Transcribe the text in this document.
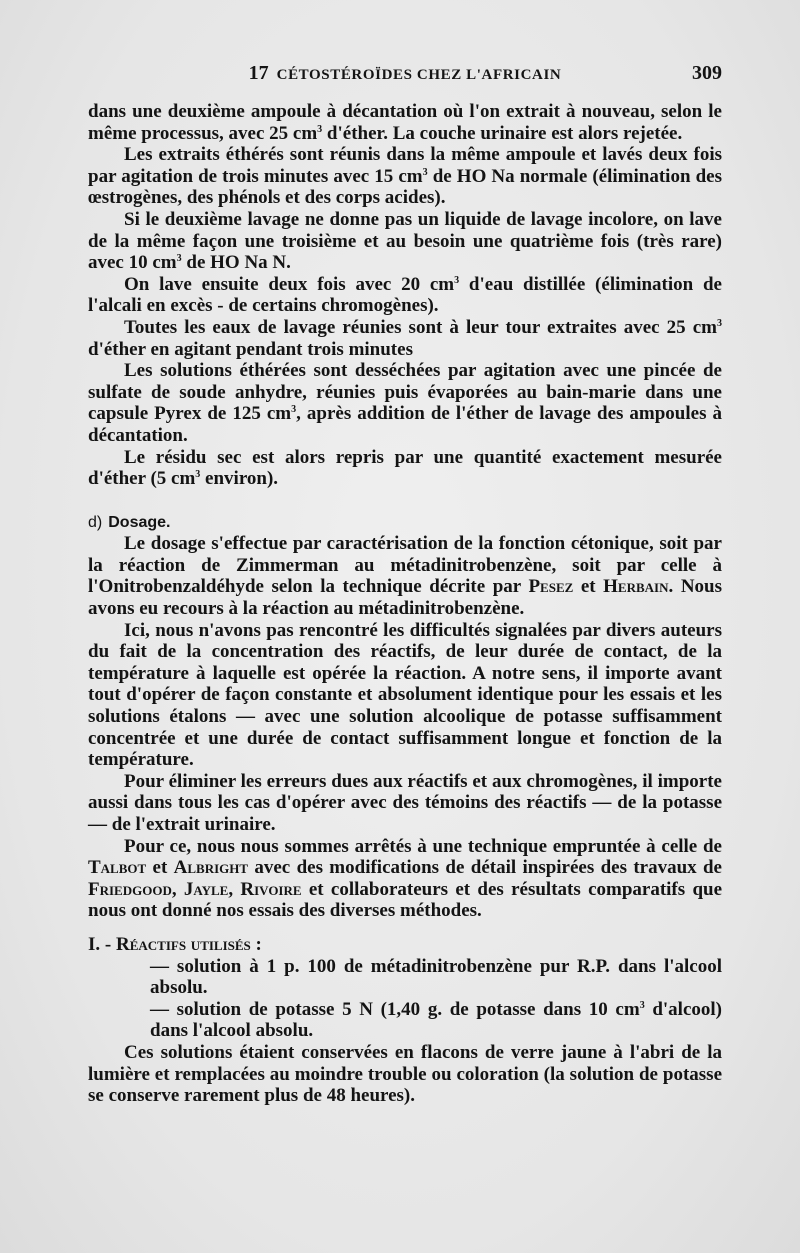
17 CÉTOSTÉROÏDES CHEZ L'AFRICAIN	309

dans une deuxième ampoule à décantation où l'on extrait à nouveau, selon le même processus, avec 25 $cm^3$ d'éther. La couche urinaire est alors rejetée.

Les extraits éthérés sont réunis dans la même ampoule et lavés deux fois par agitation de trois minutes avec 15 $cm^3$ de HO Na normale (élimination des œstrogènes, des phénols et des corps acides).

Si le deuxième lavage ne donne pas un liquide de lavage incolore, on lave de la même façon une troisième et au besoin une quatrième fois (très rare) avec 10 $cm^3$ de HO Na N.

On lave ensuite deux fois avec 20 $cm^3$ d'eau distillée (élimination de l'alcali en excès - de certains chromogènes).

Toutes les eaux de lavage réunies sont à leur tour extraites avec 25 $cm^3$ d'éther en agitant pendant trois minutes

Les solutions éthérées sont desséchées par agitation avec une pincée de sulfate de soude anhydre, réunies puis évaporées au bain-marie dans une capsule Pyrex de 125 $cm^3$, après addition de l'éther de lavage des ampoules à décantation.

Le résidu sec est alors repris par une quantité exactement mesurée d'éther (5 $cm^3$ environ).

d) Dosage.

Le dosage s'effectue par caractérisation de la fonction cétonique, soit par la réaction de Zimmerman au métadinitrobenzène, soit par celle à l'Onitrobenzaldéhyde selon la technique décrite par Pesez et Herbain. Nous avons eu recours à la réaction au métadinitrobenzène.

Ici, nous n'avons pas rencontré les difficultés signalées par divers auteurs du fait de la concentration des réactifs, de leur durée de contact, de la température à laquelle est opérée la réaction. A notre sens, il importe avant tout d'opérer de façon constante et absolument identique pour les essais et les solutions étalons — avec une solution alcoolique de potasse suffisamment concentrée et une durée de contact suffisamment longue et fonction de la température.

Pour éliminer les erreurs dues aux réactifs et aux chromogènes, il importe aussi dans tous les cas d'opérer avec des témoins des réactifs — de la potasse — de l'extrait urinaire.

Pour ce, nous nous sommes arrêtés à une technique empruntée à celle de Talbot et Albright avec des modifications de détail inspirées des travaux de Friedgood, Jayle, Rivoire et collaborateurs et des résultats comparatifs que nous ont donné nos essais des diverses méthodes.

I. - Réactifs utilisés :

— solution à 1 p. 100 de métadinitrobenzène pur R.P. dans l'alcool absolu.

— solution de potasse 5 N (1,40 g. de potasse dans 10 $cm^3$ d'alcool) dans l'alcool absolu.

Ces solutions étaient conservées en flacons de verre jaune à l'abri de la lumière et remplacées au moindre trouble ou coloration (la solution de potasse se conserve rarement plus de 48 heures).
